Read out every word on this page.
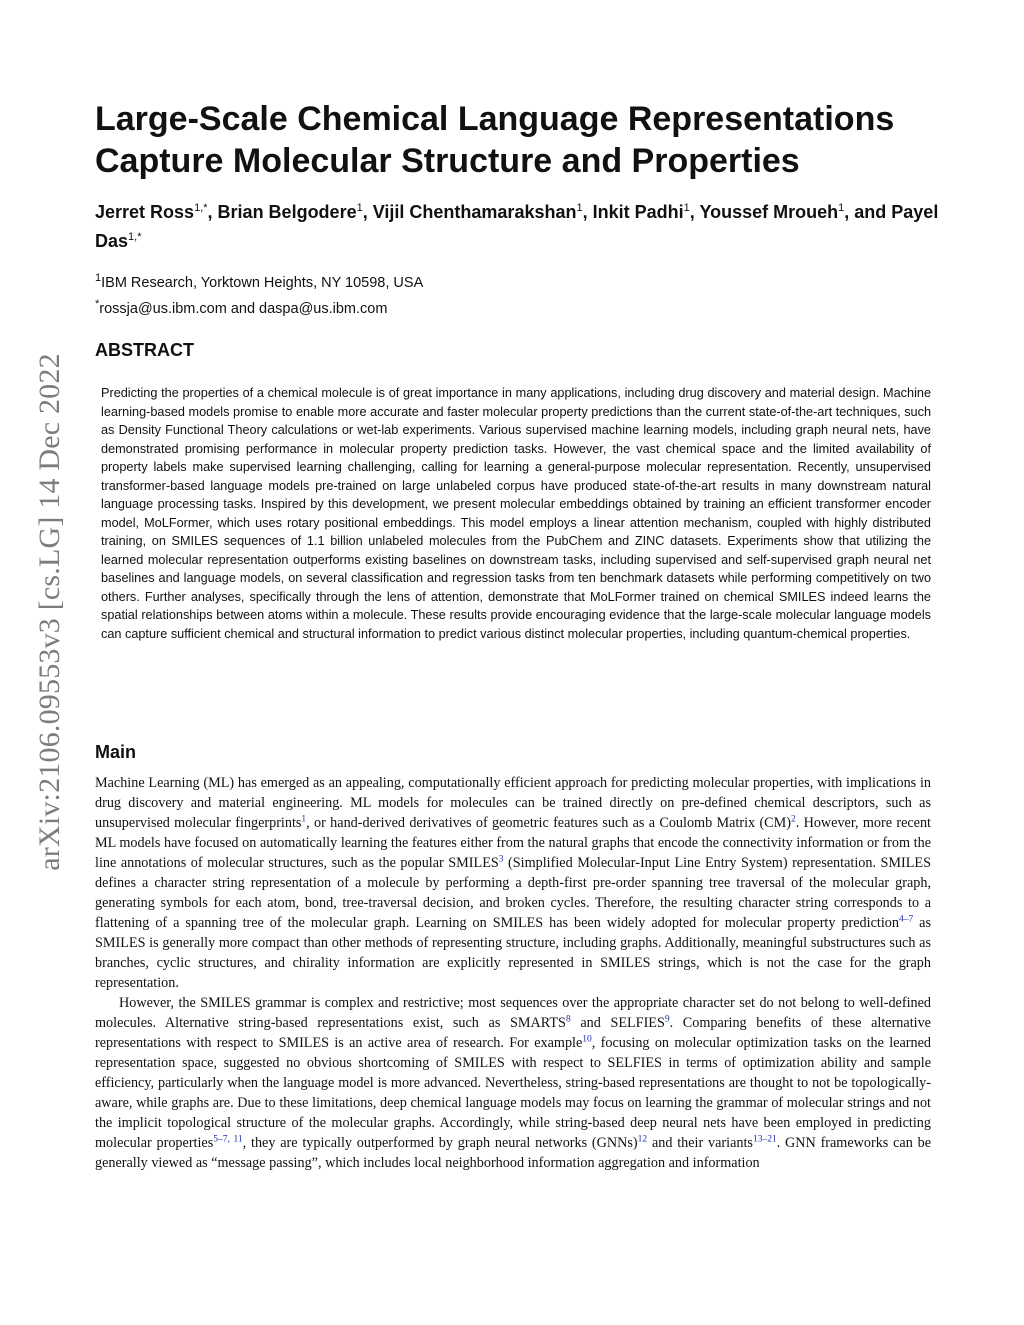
arXiv:2106.09553v3 [cs.LG] 14 Dec 2022
Large-Scale Chemical Language Representations Capture Molecular Structure and Properties
Jerret Ross$^{1,*}$, Brian Belgodere$^1$, Vijil Chenthamarakshan$^1$, Inkit Padhi$^1$, Youssef Mroueh$^1$, and Payel Das$^{1,*}$
$^1$IBM Research, Yorktown Heights, NY 10598, USA
*rossja@us.ibm.com and daspa@us.ibm.com
ABSTRACT

Predicting the properties of a chemical molecule is of great importance in many applications, including drug discovery and material design. Machine learning-based models promise to enable more accurate and faster molecular property predictions than the current state-of-the-art techniques, such as Density Functional Theory calculations or wet-lab experiments. Various supervised machine learning models, including graph neural nets, have demonstrated promising performance in molecular property prediction tasks. However, the vast chemical space and the limited availability of property labels make supervised learning challenging, calling for learning a general-purpose molecular representation. Recently, unsupervised transformer-based language models pre-trained on large unlabeled corpus have produced state-of-the-art results in many downstream natural language processing tasks. Inspired by this development, we present molecular embeddings obtained by training an efficient transformer encoder model, MoLFormer, which uses rotary positional embeddings. This model employs a linear attention mechanism, coupled with highly distributed training, on SMILES sequences of 1.1 billion unlabeled molecules from the PubChem and ZINC datasets. Experiments show that utilizing the learned molecular representation outperforms existing baselines on downstream tasks, including supervised and self-supervised graph neural net baselines and language models, on several classification and regression tasks from ten benchmark datasets while performing competitively on two others. Further analyses, specifically through the lens of attention, demonstrate that MoLFormer trained on chemical SMILES indeed learns the spatial relationships between atoms within a molecule. These results provide encouraging evidence that the large-scale molecular language models can capture sufficient chemical and structural information to predict various distinct molecular properties, including quantum-chemical properties.

Main

Machine Learning (ML) has emerged as an appealing, computationally efficient approach for predicting molecular properties, with implications in drug discovery and material engineering. ML models for molecules can be trained directly on pre-defined chemical descriptors, such as unsupervised molecular fingerprints$^1$, or hand-derived derivatives of geometric features such as a Coulomb Matrix (CM)$^2$. However, more recent ML models have focused on automatically learning the features either from the natural graphs that encode the connectivity information or from the line annotations of molecular structures, such as the popular SMILES$^3$ (Simplified Molecular-Input Line Entry System) representation. SMILES defines a character string representation of a molecule by performing a depth-first pre-order spanning tree traversal of the molecular graph, generating symbols for each atom, bond, tree-traversal decision, and broken cycles. Therefore, the resulting character string corresponds to a flattening of a spanning tree of the molecular graph. Learning on SMILES has been widely adopted for molecular property prediction$^{4-7}$ as SMILES is generally more compact than other methods of representing structure, including graphs. Additionally, meaningful substructures such as branches, cyclic structures, and chirality information are explicitly represented in SMILES strings, which is not the case for the graph representation.

However, the SMILES grammar is complex and restrictive; most sequences over the appropriate character set do not belong to well-defined molecules. Alternative string-based representations exist, such as SMARTS$^8$ and SELFIES$^9$. Comparing benefits of these alternative representations with respect to SMILES is an active area of research. For example$^{10}$, focusing on molecular optimization tasks on the learned representation space, suggested no obvious shortcoming of SMILES with respect to SELFIES in terms of optimization ability and sample efficiency, particularly when the language model is more advanced. Nevertheless, string-based representations are thought to not be topologically-aware, while graphs are. Due to these limitations, deep chemical language models may focus on learning the grammar of molecular strings and not the implicit topological structure of the molecular graphs. Accordingly, while string-based deep neural nets have been employed in predicting molecular properties$^{5-7, 11}$, they are typically outperformed by graph neural networks (GNNs)$^{12}$ and their variants$^{13-21}$. GNN frameworks can be generally viewed as “message passing”, which includes local neighborhood information aggregation and information
